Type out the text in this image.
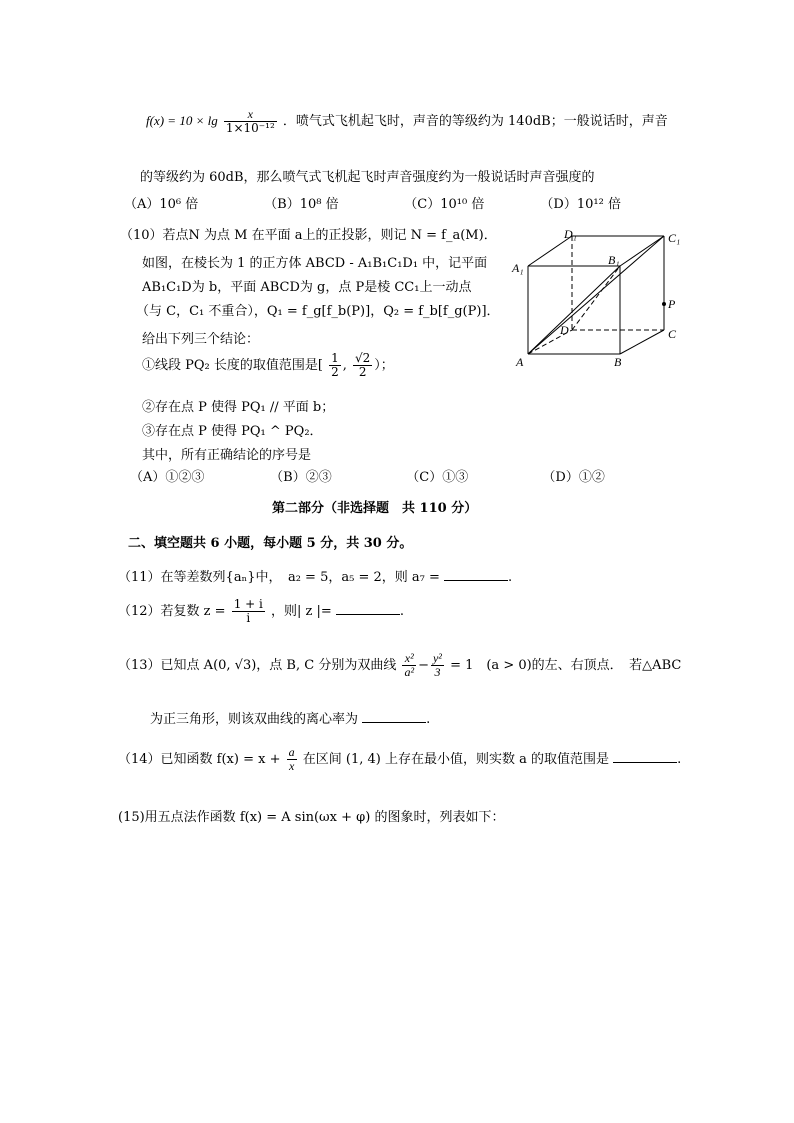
$f(x) = 10 \times \lg \frac{x}{\text{1×10⁻¹²}}$ ．喷气式飞机起飞时，声音的等级约为 140dB；一般说话时，声音
的等级约为 60dB，那么喷气式飞机起飞时声音强度约为一般说话时声音强度的
（A）10⁶ 倍	（B）10⁸ 倍	（C）10¹⁰ 倍	（D）10¹² 倍
（10）若点N 为点 M 在平面 a上的正投影，则记 N = f_a(M)．
如图，在棱长为 1 的正方体 ABCD - A₁B₁C₁D₁ 中，记平面
AB₁C₁D为 b，平面 ABCD为 g，点 P是棱 CC₁上一动点
（与 C，C₁ 不重合），Q₁ = f_g[f_b(P)]，Q₂ = f_b[f_g(P)]．
给出下列三个结论：
①线段 PQ₂ 长度的取值范围是[ $\frac{1}{2}$ , $\frac{√2}{2}$ ）；
②存在点 P 使得 PQ₁ // 平面 b；
③存在点 P 使得 PQ₁ ^ PQ₂．
其中，所有正确结论的序号是
（A）①②③	（B）②③	（C）①③	（D）①②
D₁	C₁
A₁
B₁
P
D	C
A	B
第二部分（非选择题　共 110 分）
二、填空题共 6 小题，每小题 5 分，共 30 分。
（11）在等差数列{aₙ}中，　a₂ = 5，a₅ = 2，则 a₇ =	.
（12）若复数 $z = \frac{1 + i}{i}$ ，则| z |=	.
（13）已知点 A(0, √3)，点 B, C 分别为双曲线 $\frac{\text{x²}}{\text{a²}} - \frac{\text{y²}}{3} = 1$　(a > 0)的左、右顶点．　若△ABC
为正三角形，则该双曲线的离心率为	.
（14）已知函数 $f(x) = x + \frac{a}{x}$ 在区间 (1, 4) 上存在最小值，则实数 a 的取值范围是	.
(15)用五点法作函数 f(x) = A sin(ωx + φ) 的图象时，列表如下：
